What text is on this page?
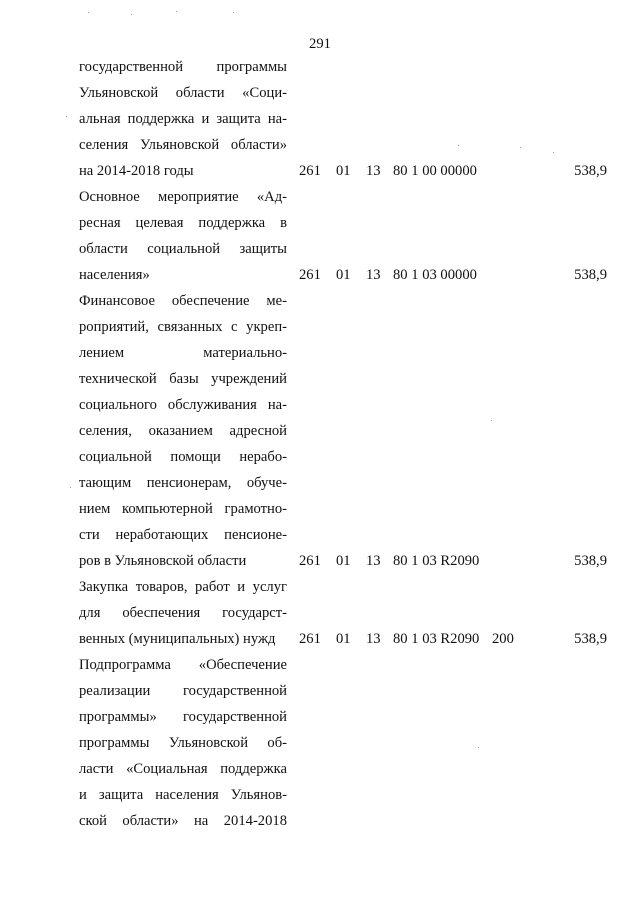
291
государственной программы
Ульяновской области «Соци-
альная поддержка и защита на-
селения Ульяновской области»
на 2014-2018 годы	261 01 13 80 1 00 00000	538,9
Основное мероприятие «Ад-
ресная целевая поддержка в
области социальной защиты
населения»	261 01 13 80 1 03 00000	538,9
Финансовое обеспечение ме-
роприятий, связанных с укреп-
лением материально-
технической базы учреждений
социального обслуживания на-
селения, оказанием адресной
социальной помощи нерабо-
тающим пенсионерам, обуче-
нием компьютерной грамотно-
сти неработающих пенсионе-
ров в Ульяновской области	261 01 13 80 1 03 R2090	538,9
Закупка товаров, работ и услуг
для обеспечения государст-
венных (муниципальных) нужд	261 01 13 80 1 03 R2090 200	538,9
Подпрограмма «Обеспечение
реализации государственной
программы» государственной
программы Ульяновской об-
ласти «Социальная поддержка
и защита населения Ульянов-
ской области» на 2014-2018
